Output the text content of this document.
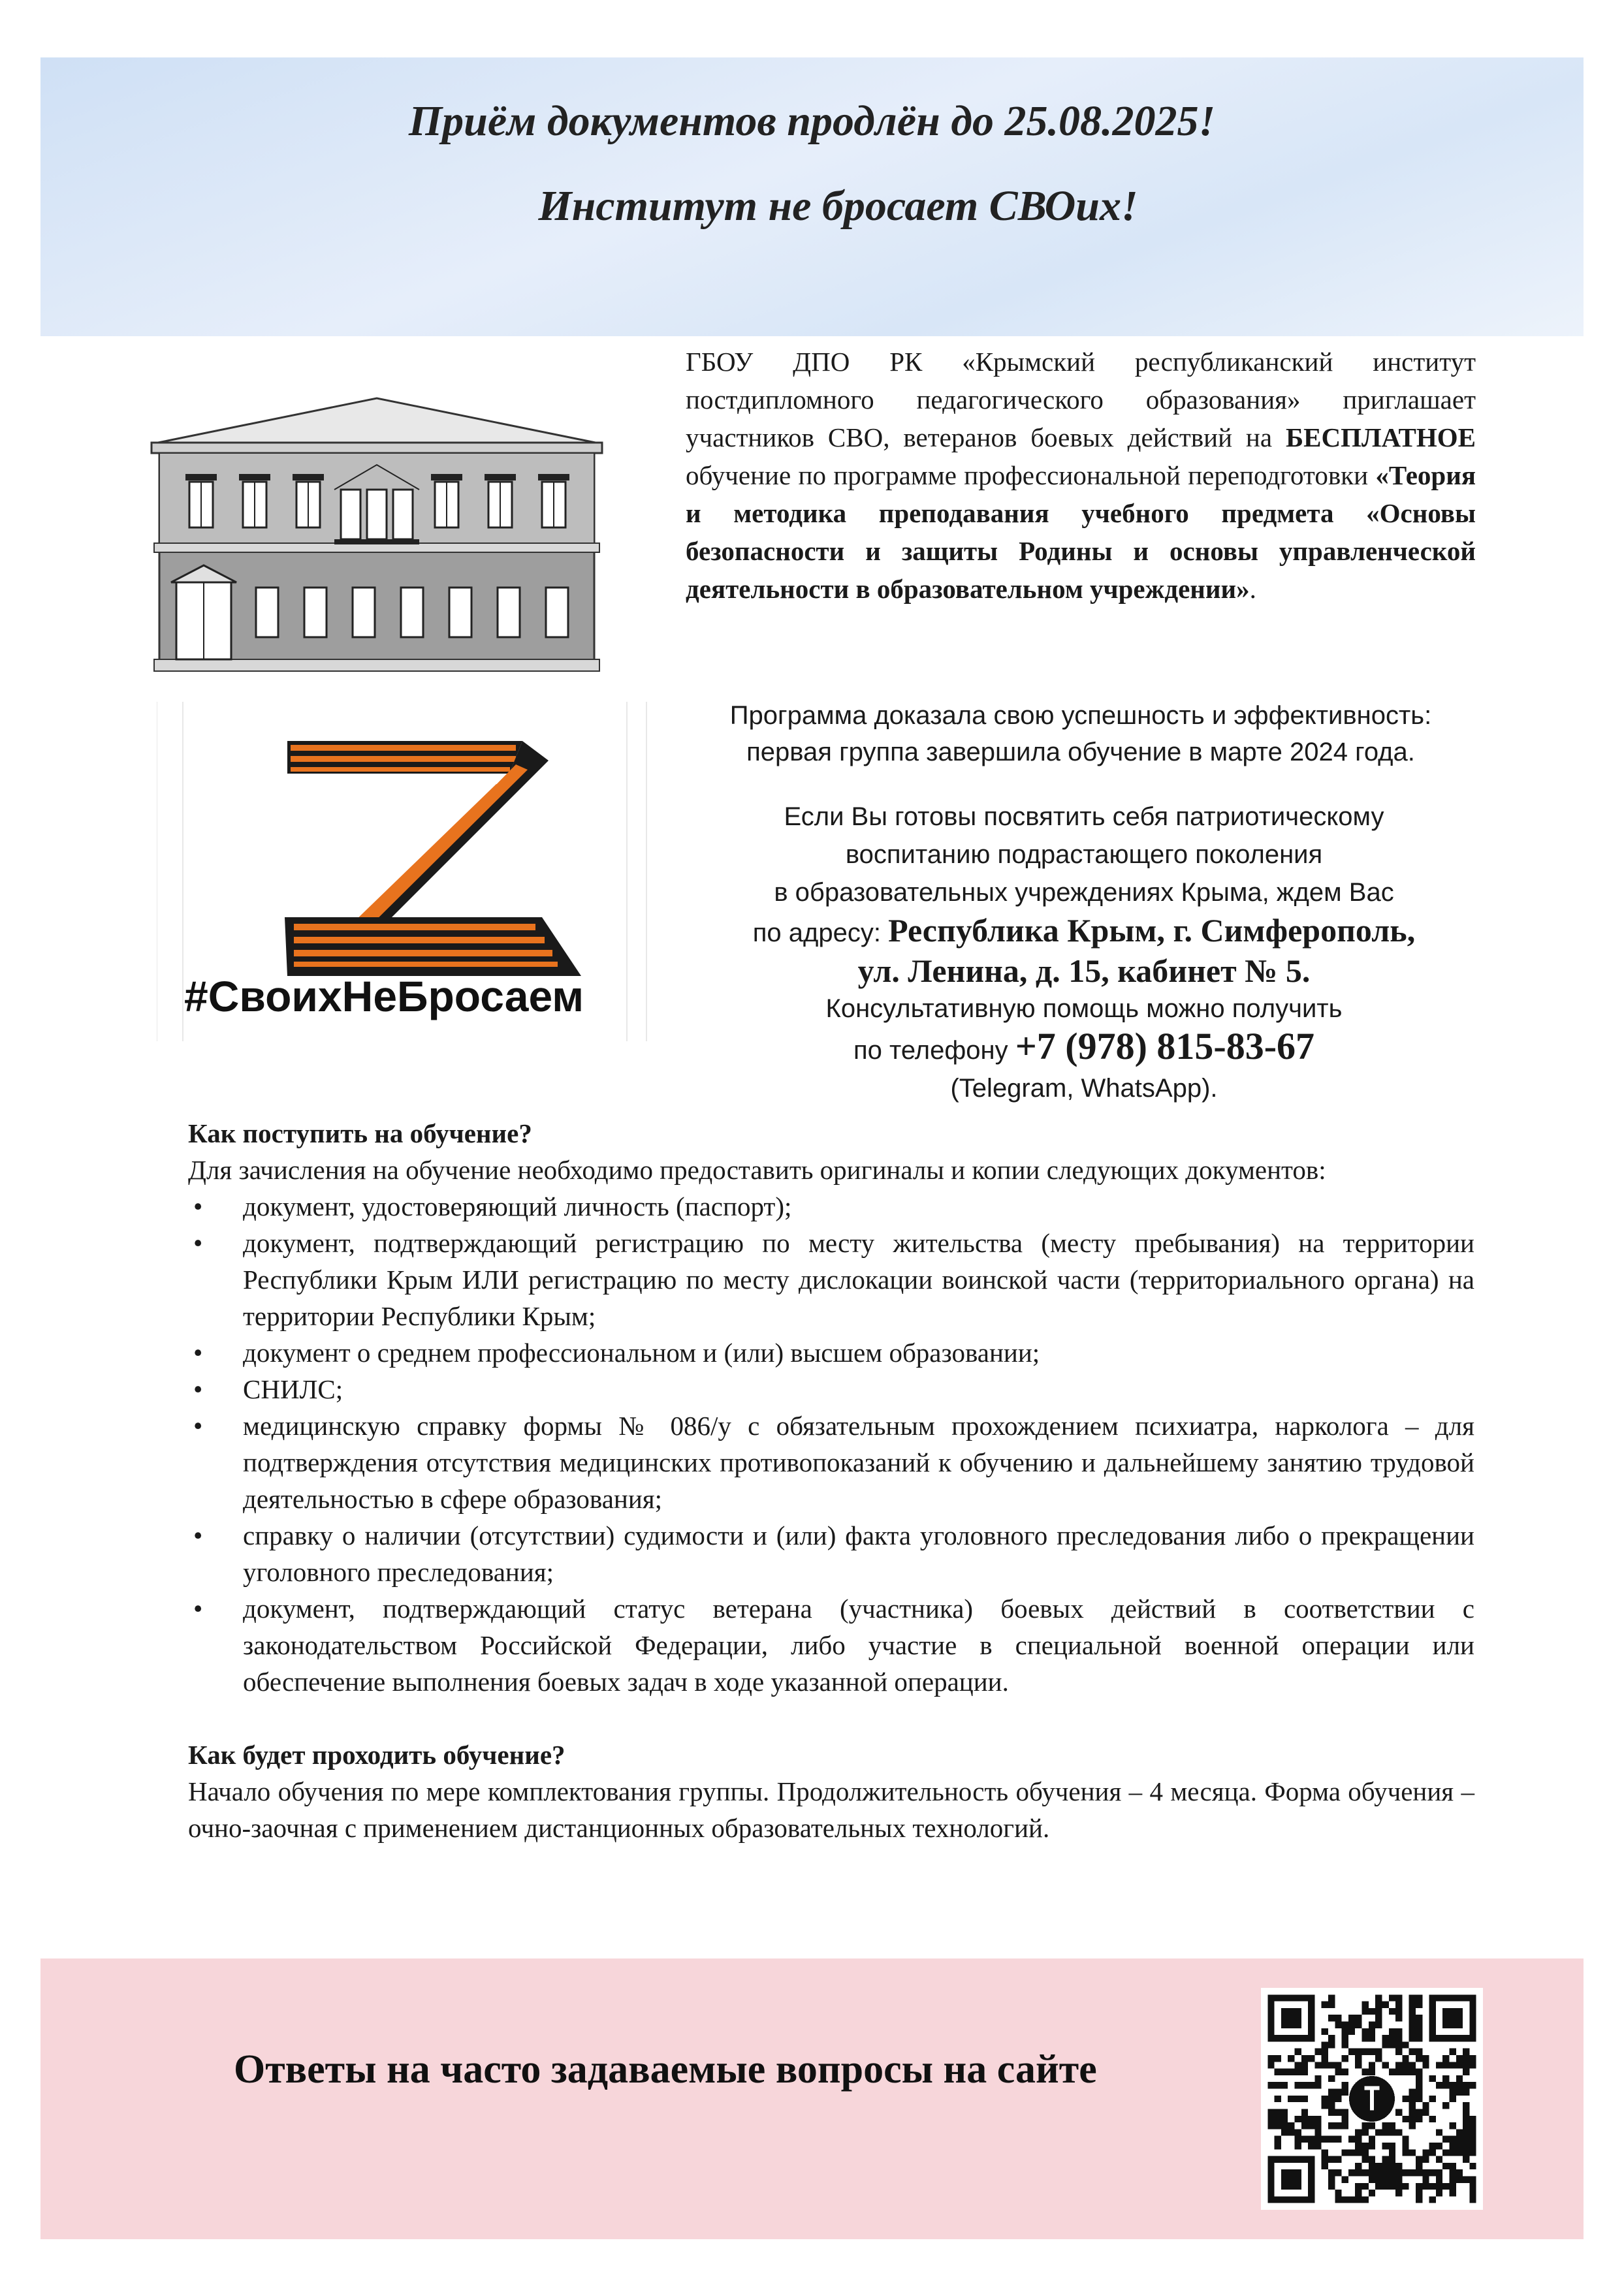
Приём документов продлён до 25.08.2025!
Институт не бросает СВОих!
#СвоихНеБросаем
ГБОУ ДПО РК «Крымский республиканский институт постдипломного педагогического образования» приглашает участников СВО, ветеранов боевых действий на БЕСПЛАТНОЕ обучение по программе профессиональной переподготовки «Теория и методика преподавания учебного предмета «Основы безопасности и защиты Родины и основы управленческой деятельности в образовательном учреждении».
Программа доказала свою успешность и эффективность:
первая группа завершила обучение в марте 2024 года.
Если Вы готовы посвятить себя патриотическому
воспитанию подрастающего поколения
в образовательных учреждениях Крыма, ждем Вас
по адресу: Республика Крым, г. Симферополь,
ул. Ленина, д. 15, кабинет № 5.
Консультативную помощь можно получить
по телефону +7 (978) 815-83-67
(Telegram, WhatsApp).
Как поступить на обучение?

Для зачисления на обучение необходимо предоставить оригиналы и копии следующих документов:

• документ, удостоверяющий личность (паспорт);
• документ, подтверждающий регистрацию по месту жительства (месту пребывания) на территории Республики Крым ИЛИ регистрацию по месту дислокации воинской части (территориального органа) на территории Республики Крым;
• документ о среднем профессиональном и (или) высшем образовании;
• СНИЛС;
• медицинскую справку формы № 086/у с обязательным прохождением психиатра, нарколога – для подтверждения отсутствия медицинских противопоказаний к обучению и дальнейшему занятию трудовой деятельностью в сфере образования;
• справку о наличии (отсутствии) судимости и (или) факта уголовного преследования либо о прекращении уголовного преследования;
• документ, подтверждающий статус ветерана (участника) боевых действий в соответствии с законодательством Российской Федерации, либо участие в специальной военной операции или обеспечение выполнения боевых задач в ходе указанной операции.
Как будет проходить обучение?

Начало обучения по мере комплектования группы. Продолжительность обучения – 4 месяца. Форма обучения – очно-заочная с применением дистанционных образовательных технологий.

Ответы на часто задаваемые вопросы на сайте
